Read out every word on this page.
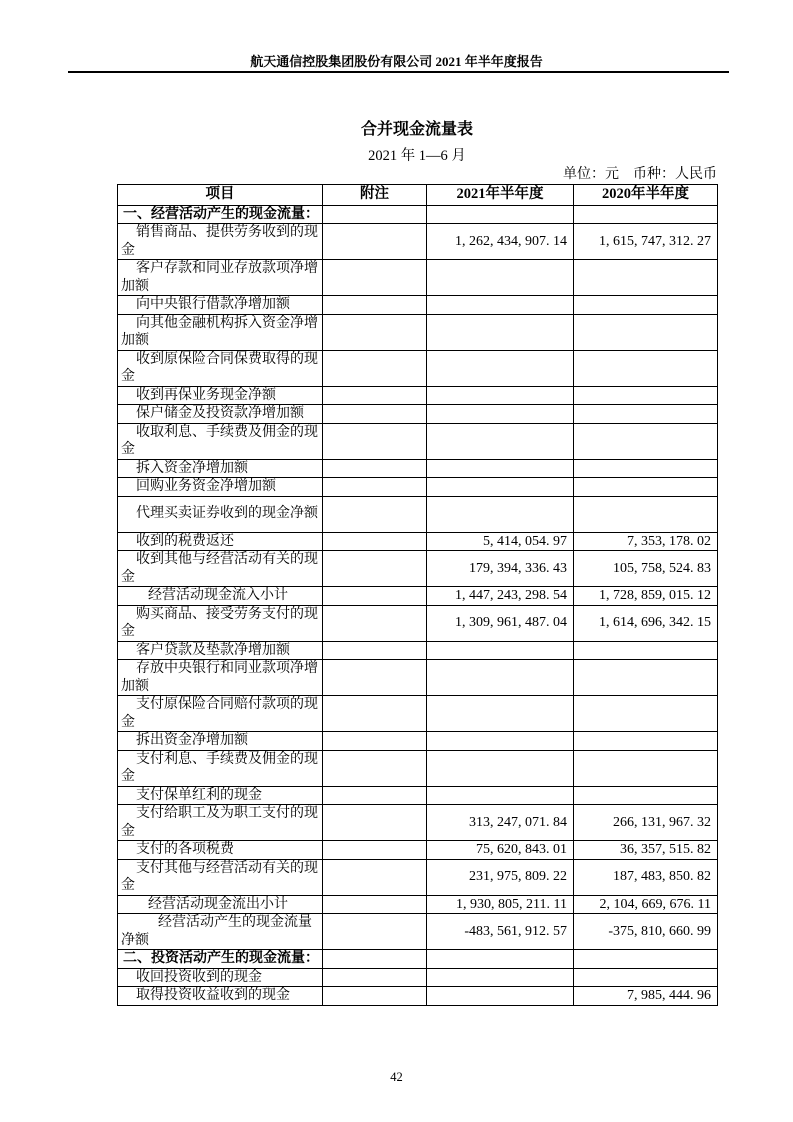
航天通信控股集团股份有限公司 2021 年半年度报告
合并现金流量表
2021 年 1—6 月
单位：元　币种：人民币
项目	附注	2021年半年度	2020年半年度
一、经营活动产生的现金流量：			
销售商品、提供劳务收到的现金		1, 262, 434, 907. 14	1, 615, 747, 312. 27
客户存款和同业存放款项净增加额			
向中央银行借款净增加额			
向其他金融机构拆入资金净增加额			
收到原保险合同保费取得的现金			
收到再保业务现金净额			
保户储金及投资款净增加额			
收取利息、手续费及佣金的现金			
拆入资金净增加额			
回购业务资金净增加额			
代理买卖证券收到的现金净额			
收到的税费返还		5, 414, 054. 97	7, 353, 178. 02
收到其他与经营活动有关的现金		179, 394, 336. 43	105, 758, 524. 83
经营活动现金流入小计		1, 447, 243, 298. 54	1, 728, 859, 015. 12
购买商品、接受劳务支付的现金		1, 309, 961, 487. 04	1, 614, 696, 342. 15
客户贷款及垫款净增加额			
存放中央银行和同业款项净增加额			
支付原保险合同赔付款项的现金			
拆出资金净增加额			
支付利息、手续费及佣金的现金			
支付保单红利的现金			
支付给职工及为职工支付的现金		313, 247, 071. 84	266, 131, 967. 32
支付的各项税费		75, 620, 843. 01	36, 357, 515. 82
支付其他与经营活动有关的现金		231, 975, 809. 22	187, 483, 850. 82
经营活动现金流出小计		1, 930, 805, 211. 11	2, 104, 669, 676. 11
经营活动产生的现金流量净额		-483, 561, 912. 57	-375, 810, 660. 99
二、投资活动产生的现金流量：			
收回投资收到的现金			
取得投资收益收到的现金			7, 985, 444. 96
42
